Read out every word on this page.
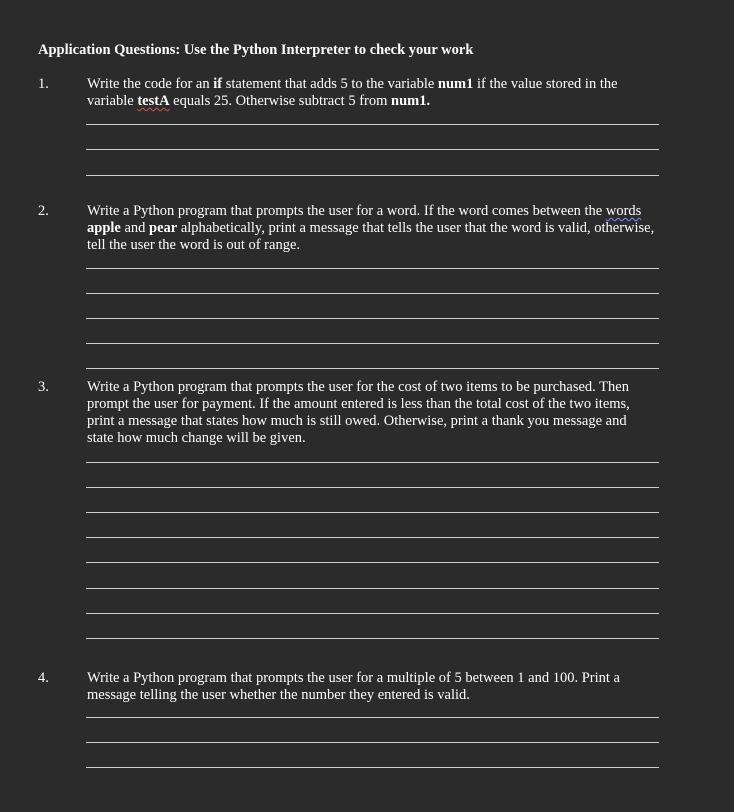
Application Questions: Use the Python Interpreter to check your work
1.	Write the code for an if statement that adds 5 to the variable num1 if the value stored in the
variable testA equals 25. Otherwise subtract 5 from num1.
2.	Write a Python program that prompts the user for a word. If the word comes between the words
apple and pear alphabetically, print a message that tells the user that the word is valid, otherwise,
tell the user the word is out of range.
3.	Write a Python program that prompts the user for the cost of two items to be purchased. Then
prompt the user for payment. If the amount entered is less than the total cost of the two items,
print a message that states how much is still owed. Otherwise, print a thank you message and
state how much change will be given.
4.	Write a Python program that prompts the user for a multiple of 5 between 1 and 100. Print a
message telling the user whether the number they entered is valid.
